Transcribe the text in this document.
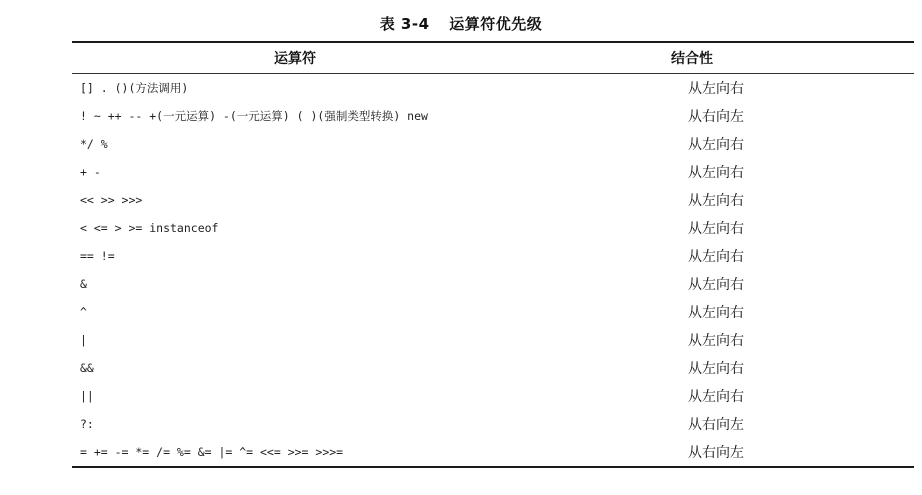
表 3-4 运算符优先级
运算符	结合性
[] . ()(方法调用)	从左向右
! ~ ++ -- +(一元运算) -(一元运算) ( )(强制类型转换) new	从右向左
*/ %	从左向右
+ -	从左向右
<< >> >>>	从左向右
< <= > >= instanceof	从左向右
== !=	从左向右
&	从左向右
^	从左向右
|	从左向右
&&	从左向右
||	从左向右
?:	从右向左
= += -= *= /= %= &= |= ^= <<= >>= >>>=	从右向左
